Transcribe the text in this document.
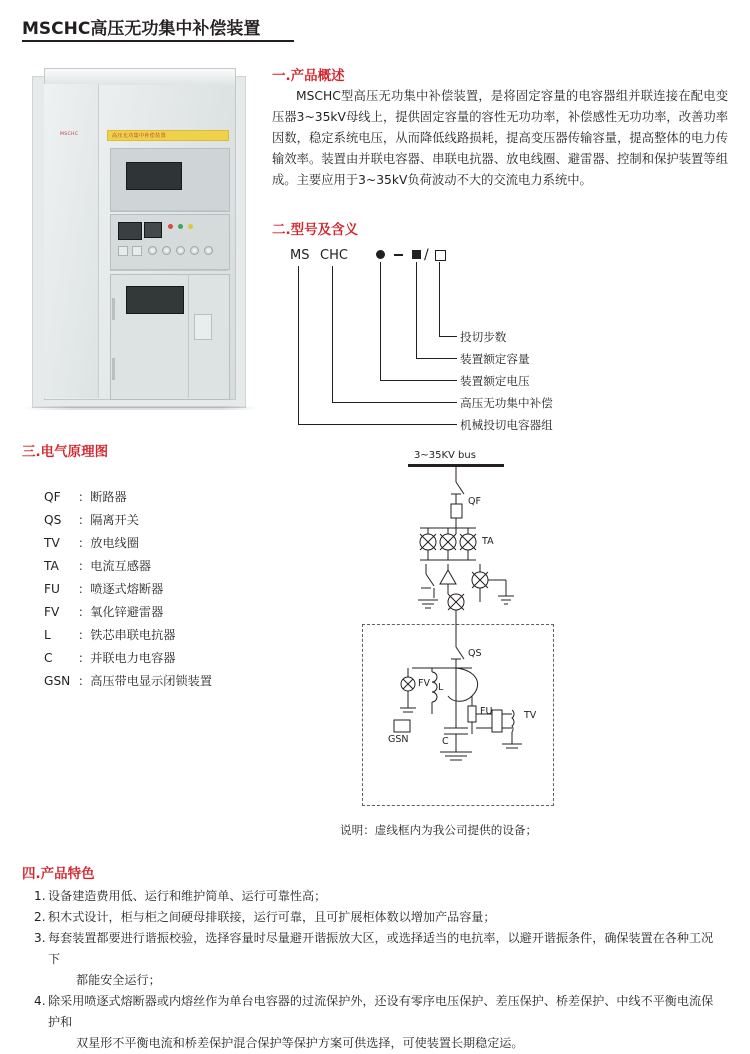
MSCHC高压无功集中补偿装置
MSCHC	高压无功集中补偿装置
一.产品概述
MSCHC型高压无功集中补偿装置，是将固定容量的电容器组并联连接在配电变压器3~35kV母线上，提供固定容量的容性无功功率，补偿感性无功功率，改善功率因数，稳定系统电压，从而降低线路损耗，提高变压器传输容量，提高整体的电力传输效率。装置由并联电容器、串联电抗器、放电线圈、避雷器、控制和保护装置等组成。主要应用于3~35kV负荷波动不大的交流电力系统中。
二.型号及含义
MS CHC	/
投切步数
装置额定容量
装置额定电压
高压无功集中补偿
机械投切电容器组
三.电气原理图
QF ：断路器
QS ：隔离开关
TV ：放电线圈
TA ：电流互感器
FU ：喷逐式熔断器
FV ：氧化锌避雷器
L ：铁芯串联电抗器
C ：并联电力电容器
GSN ：高压带电显示闭锁装置
3~35KV bus
QF
TA
QS
FV L
FU	TV
GSN	C
说明：虚线框内为我公司提供的设备；
四.产品特色
1. 设备建造费用低、运行和维护简单、运行可靠性高；
2. 积木式设计，柜与柜之间硬母排联接，运行可靠，且可扩展柜体数以增加产品容量；
3. 每套装置都要进行谐振校验，选择容量时尽量避开谐振放大区，或选择适当的电抗率，以避开谐振条件，确保装置在各种工况下
都能安全运行；
4. 除采用喷逐式熔断器或内熔丝作为单台电容器的过流保护外，还设有零序电压保护、差压保护、桥差保护、中线不平衡电流保护和
双星形不平衡电流和桥差保护混合保护等保护方案可供选择，可使装置长期稳定运。
